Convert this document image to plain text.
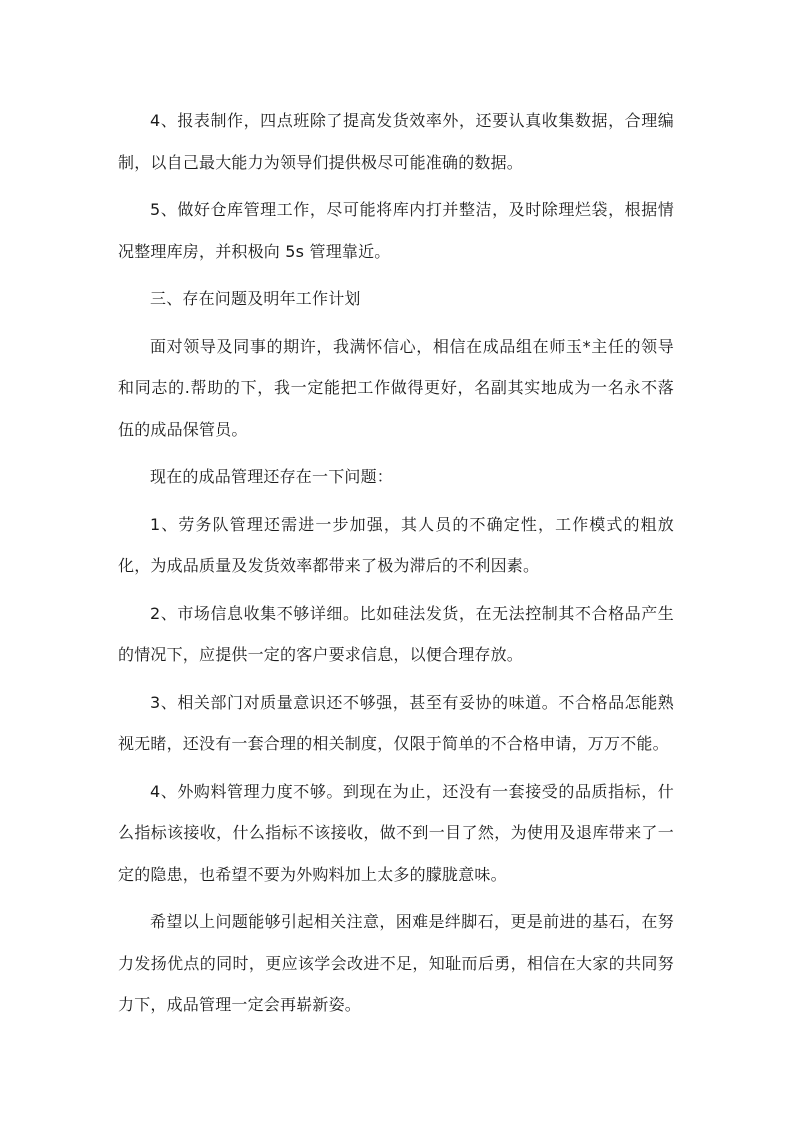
4、报表制作，四点班除了提高发货效率外，还要认真收集数据，合理编制，以自己最大能力为领导们提供极尽可能准确的数据。

5、做好仓库管理工作，尽可能将库内打并整洁，及时除理烂袋，根据情况整理库房，并积极向 5s 管理靠近。

三、存在问题及明年工作计划

面对领导及同事的期许，我满怀信心，相信在成品组在师玉*主任的领导和同志的.帮助的下，我一定能把工作做得更好，名副其实地成为一名永不落伍的成品保管员。

现在的成品管理还存在一下问题：

1、劳务队管理还需进一步加强，其人员的不确定性，工作模式的粗放化，为成品质量及发货效率都带来了极为滞后的不利因素。

2、市场信息收集不够详细。比如硅法发货，在无法控制其不合格品产生的情况下，应提供一定的客户要求信息，以便合理存放。

3、相关部门对质量意识还不够强，甚至有妥协的味道。不合格品怎能熟视无睹，还没有一套合理的相关制度，仅限于简单的不合格申请，万万不能。

4、外购料管理力度不够。到现在为止，还没有一套接受的品质指标，什么指标该接收，什么指标不该接收，做不到一目了然，为使用及退库带来了一定的隐患，也希望不要为外购料加上太多的朦胧意味。

希望以上问题能够引起相关注意，困难是绊脚石，更是前进的基石，在努力发扬优点的同时，更应该学会改进不足，知耻而后勇，相信在大家的共同努力下，成品管理一定会再崭新姿。
